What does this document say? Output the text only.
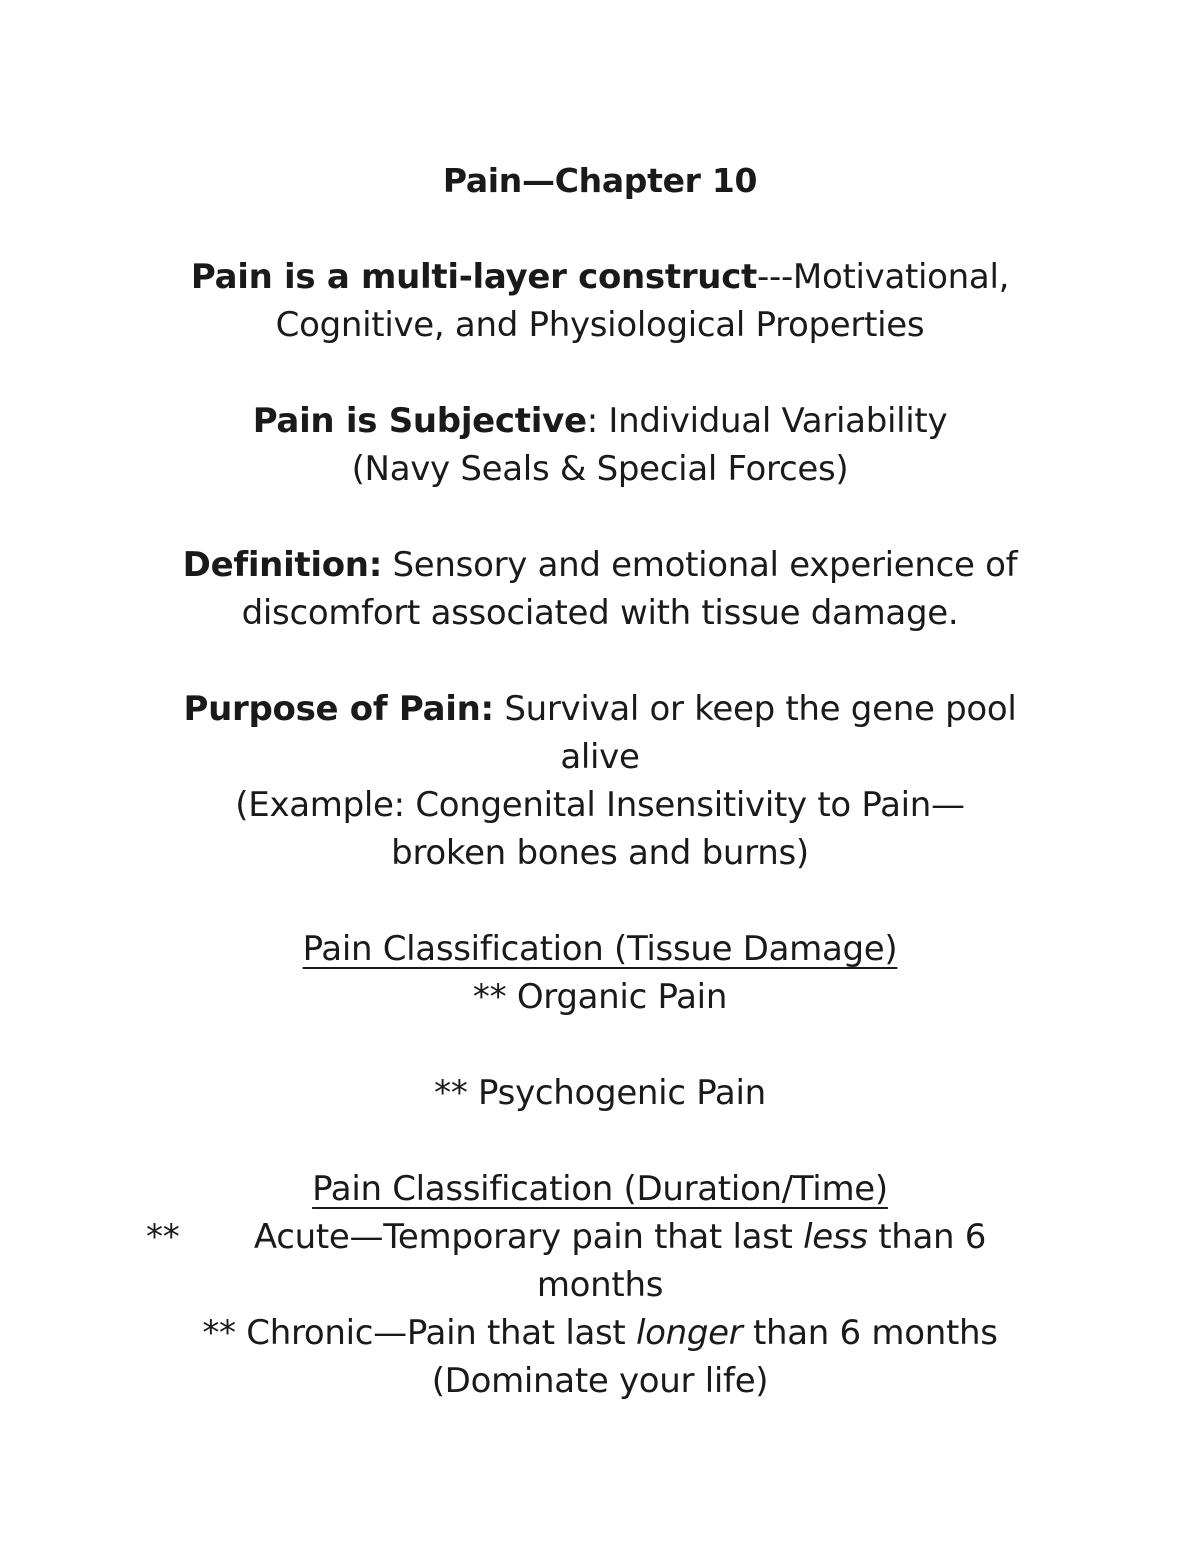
Pain—Chapter 10
Pain is a multi-layer construct---Motivational,
Cognitive, and Physiological Properties
Pain is Subjective: Individual Variability
(Navy Seals & Special Forces)
Definition: Sensory and emotional experience of
discomfort associated with tissue damage.
Purpose of Pain: Survival or keep the gene pool
alive
(Example: Congenital Insensitivity to Pain—
broken bones and burns)
Pain Classification (Tissue Damage)
** Organic Pain
** Psychogenic Pain
Pain Classification (Duration/Time)
** Acute—Temporary pain that last less than 6
months
** Chronic—Pain that last longer than 6 months
(Dominate your life)
